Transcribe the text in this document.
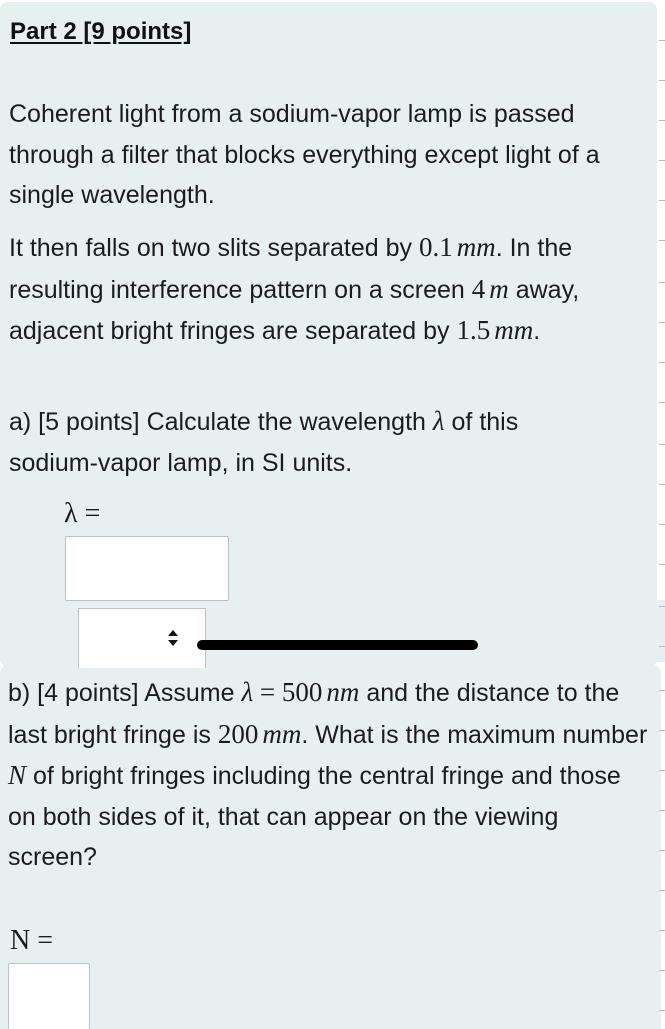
Part 2 [9 points]

Coherent light from a sodium-vapor lamp is passed through a filter that blocks everything except light of a single wavelength.

It then falls on two slits separated by 0.1 mm. In the resulting interference pattern on a screen 4 m away, adjacent bright fringes are separated by 1.5 mm.

a) [5 points] Calculate the wavelength λ of this sodium-vapor lamp, in SI units.

λ =

b) [4 points] Assume λ = 500 nm and the distance to the last bright fringe is 200 mm. What is the maximum number N of bright fringes including the central fringe and those on both sides of it, that can appear on the viewing screen?

N =
